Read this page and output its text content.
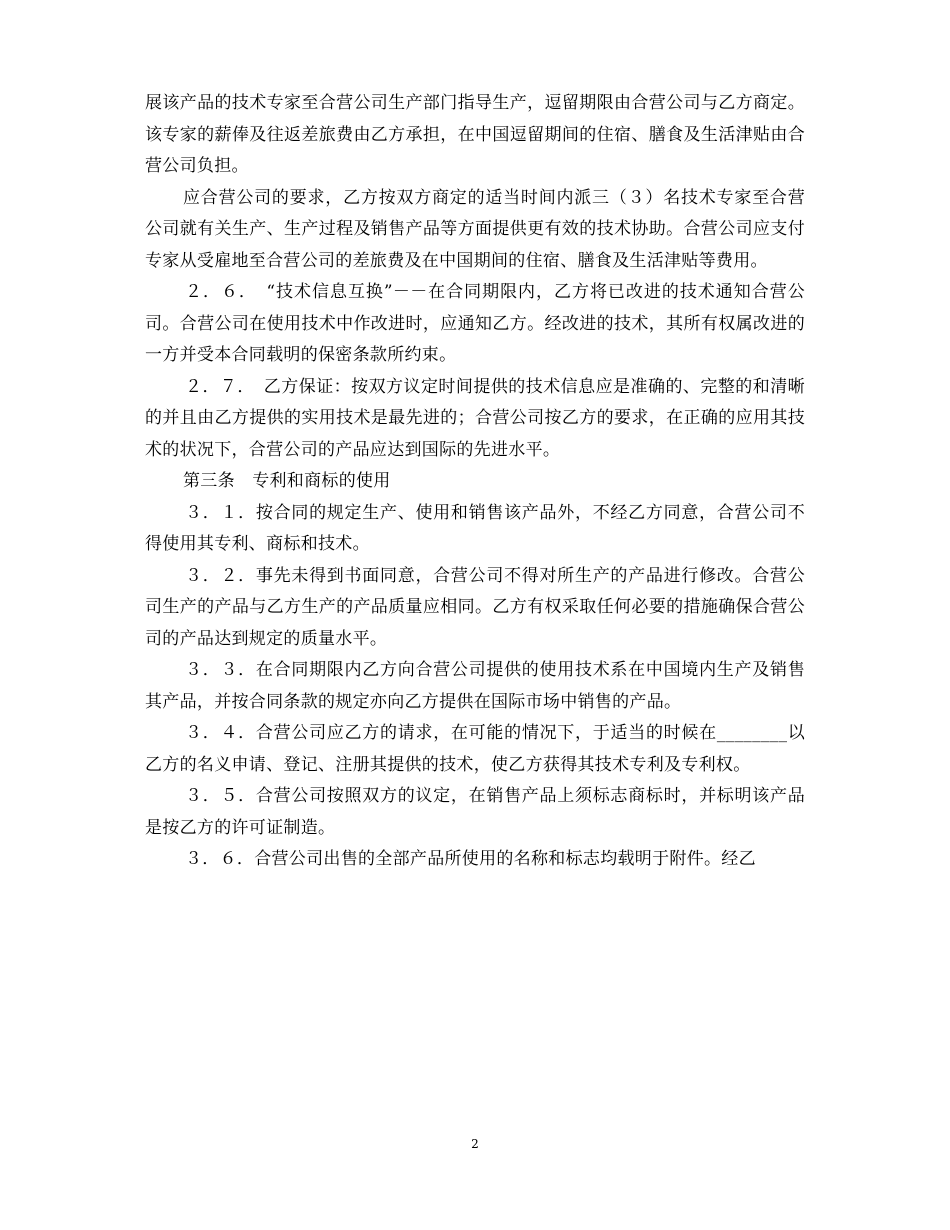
展该产品的技术专家至合营公司生产部门指导生产，逗留期限由合营公司与乙方商定。该专家的薪俸及往返差旅费由乙方承担，在中国逗留期间的住宿、膳食及生活津贴由合营公司负担。

应合营公司的要求，乙方按双方商定的适当时间内派三（３）名技术专家至合营公司就有关生产、生产过程及销售产品等方面提供更有效的技术协助。合营公司应支付专家从受雇地至合营公司的差旅费及在中国期间的住宿、膳食及生活津贴等费用。

２．６．　“技术信息互换”－－在合同期限内，乙方将已改进的技术通知合营公司。合营公司在使用技术中作改进时，应通知乙方。经改进的技术，其所有权属改进的一方并受本合同载明的保密条款所约束。

２．７．　乙方保证：按双方议定时间提供的技术信息应是准确的、完整的和清晰的并且由乙方提供的实用技术是最先进的；合营公司按乙方的要求，在正确的应用其技术的状况下，合营公司的产品应达到国际的先进水平。

第三条　专利和商标的使用

３．１．按合同的规定生产、使用和销售该产品外，不经乙方同意，合营公司不得使用其专利、商标和技术。

３．２．事先未得到书面同意，合营公司不得对所生产的产品进行修改。合营公司生产的产品与乙方生产的产品质量应相同。乙方有权采取任何必要的措施确保合营公司的产品达到规定的质量水平。

３．３．在合同期限内乙方向合营公司提供的使用技术系在中国境内生产及销售其产品，并按合同条款的规定亦向乙方提供在国际市场中销售的产品。

３．４．合营公司应乙方的请求，在可能的情况下，于适当的时候在________以乙方的名义申请、登记、注册其提供的技术，使乙方获得其技术专利及专利权。

３．５．合营公司按照双方的议定，在销售产品上须标志商标时，并标明该产品是按乙方的许可证制造。

３．６．合营公司出售的全部产品所使用的名称和标志均载明于附件。经乙

2
